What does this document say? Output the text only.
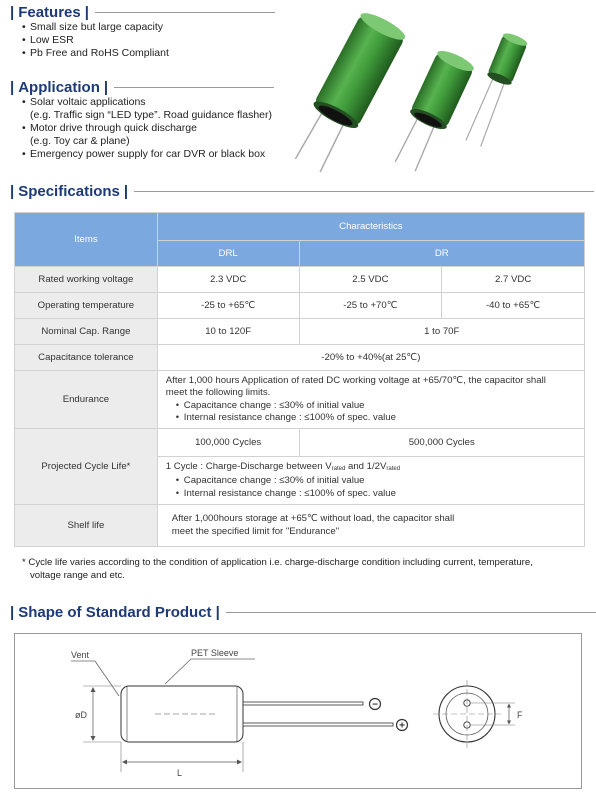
| Features |
• Small size but large capacity
• Low ESR
• Pb Free and RoHS Compliant
| Application |
• Solar voltaic applications
(e.g. Traffic sign “LED type”. Road guidance flasher)
• Motor drive through quick discharge
(e.g. Toy car & plane)
• Emergency power supply for car DVR or black box
| Specifications |
Items	Characteristics		
	DRL	DR	
Rated working voltage	2.3 VDC	2.5 VDC	2.7 VDC
Operating temperature	-25 to +65℃	-25 to +70℃	-40 to +65℃
Nominal Cap. Range	10 to 120F	1 to 70F	
Capacitance tolerance	-20% to +40%(at 25℃)		
Endurance	After 1,000 hours Application of rated DC working voltage at +65/70℃, the capacitor shall
meet the following limits.
• Capacitance change : ≤30% of initial value
• Internal resistance change : ≤100% of spec. value

Projected Cycle Life*	100,000 Cycles	500,000 Cycles	

	1 Cycle : Charge-Discharge between $V_{rated}$ and $1/2V_{rated}$
• Capacitance change : ≤30% of initial value
• Internal resistance change : ≤100% of spec. value

Shelf life	After 1,000hours storage at +65℃ without load, the capacitor shall
meet the specified limit for "Endurance"		
* Cycle life varies according to the condition of application i.e. charge-discharge condition including current, temperature,
voltage range and etc.
| Shape of Standard Product |
Vent	PET Sleeve
−
+
øD
L
F
